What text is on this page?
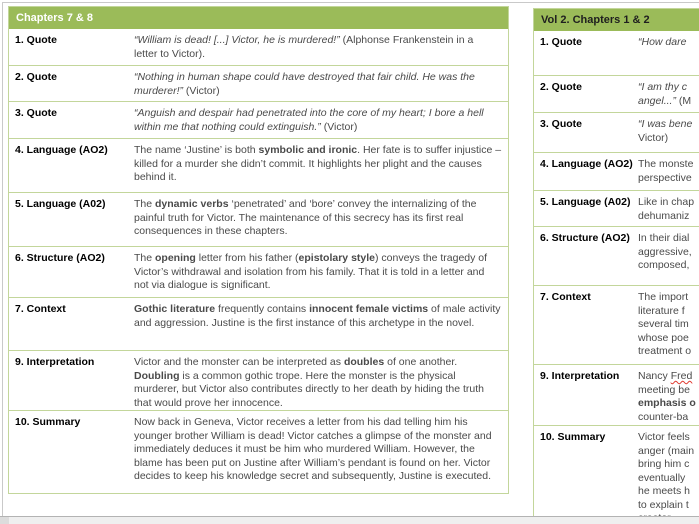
Chapters 7 & 8
1. Quote	“William is dead! [...] Victor, he is murdered!” (Alphonse Frankenstein in a
letter to Victor).
2. Quote	“Nothing in human shape could have destroyed that fair child. He was the
murderer!” (Victor)
3. Quote	“Anguish and despair had penetrated into the core of my heart; I bore a hell
within me that nothing could extinguish.” (Victor)
4. Language (AO2)	The name ‘Justine’ is both symbolic and ironic. Her fate is to suffer injustice –
killed for a murder she didn’t commit. It highlights her plight and the causes
behind it.
5. Language (A02)	The dynamic verbs ‘penetrated’ and ‘bore’ convey the internalizing of the
painful truth for Victor. The maintenance of this secrecy has its first real
consequences in these chapters.
6. Structure (AO2)	The opening letter from his father (epistolary style) conveys the tragedy of
Victor’s withdrawal and isolation from his family. That it is told in a letter and
not via dialogue is significant.
7. Context	Gothic literature frequently contains innocent female victims of male activity
and aggression. Justine is the first instance of this archetype in the novel.
9. Interpretation	Victor and the monster can be interpreted as doubles of one another.
Doubling is a common gothic trope. Here the monster is the physical
murderer, but Victor also contributes directly to her death by hiding the truth
that would prove her innocence.
10. Summary	Now back in Geneva, Victor receives a letter from his dad telling him his
younger brother William is dead! Victor catches a glimpse of the monster and
immediately deduces it must be him who murdered William. However, the
blame has been put on Justine after William’s pendant is found on her. Victor
decides to keep his knowledge secret and subsequently, Justine is executed.
Vol 2. Chapters 1 & 2
1. Quote	“How dare
2. Quote	“I am thy c
angel...” (M
3. Quote	“I was bene
Victor)
4. Language (AO2) The monste
perspective
5. Language (A02) Like in chap
dehumaniz
6. Structure (AO2) In their dial
aggressive,
composed,
7. Context	The import
literature f
several tim
whose poe
treatment o
9. Interpretation	Nancy Fred
meeting be
emphasis o
counter-ba
10. Summary	Victor feels
anger (main
bring him c
eventually
he meets h
to explain t
